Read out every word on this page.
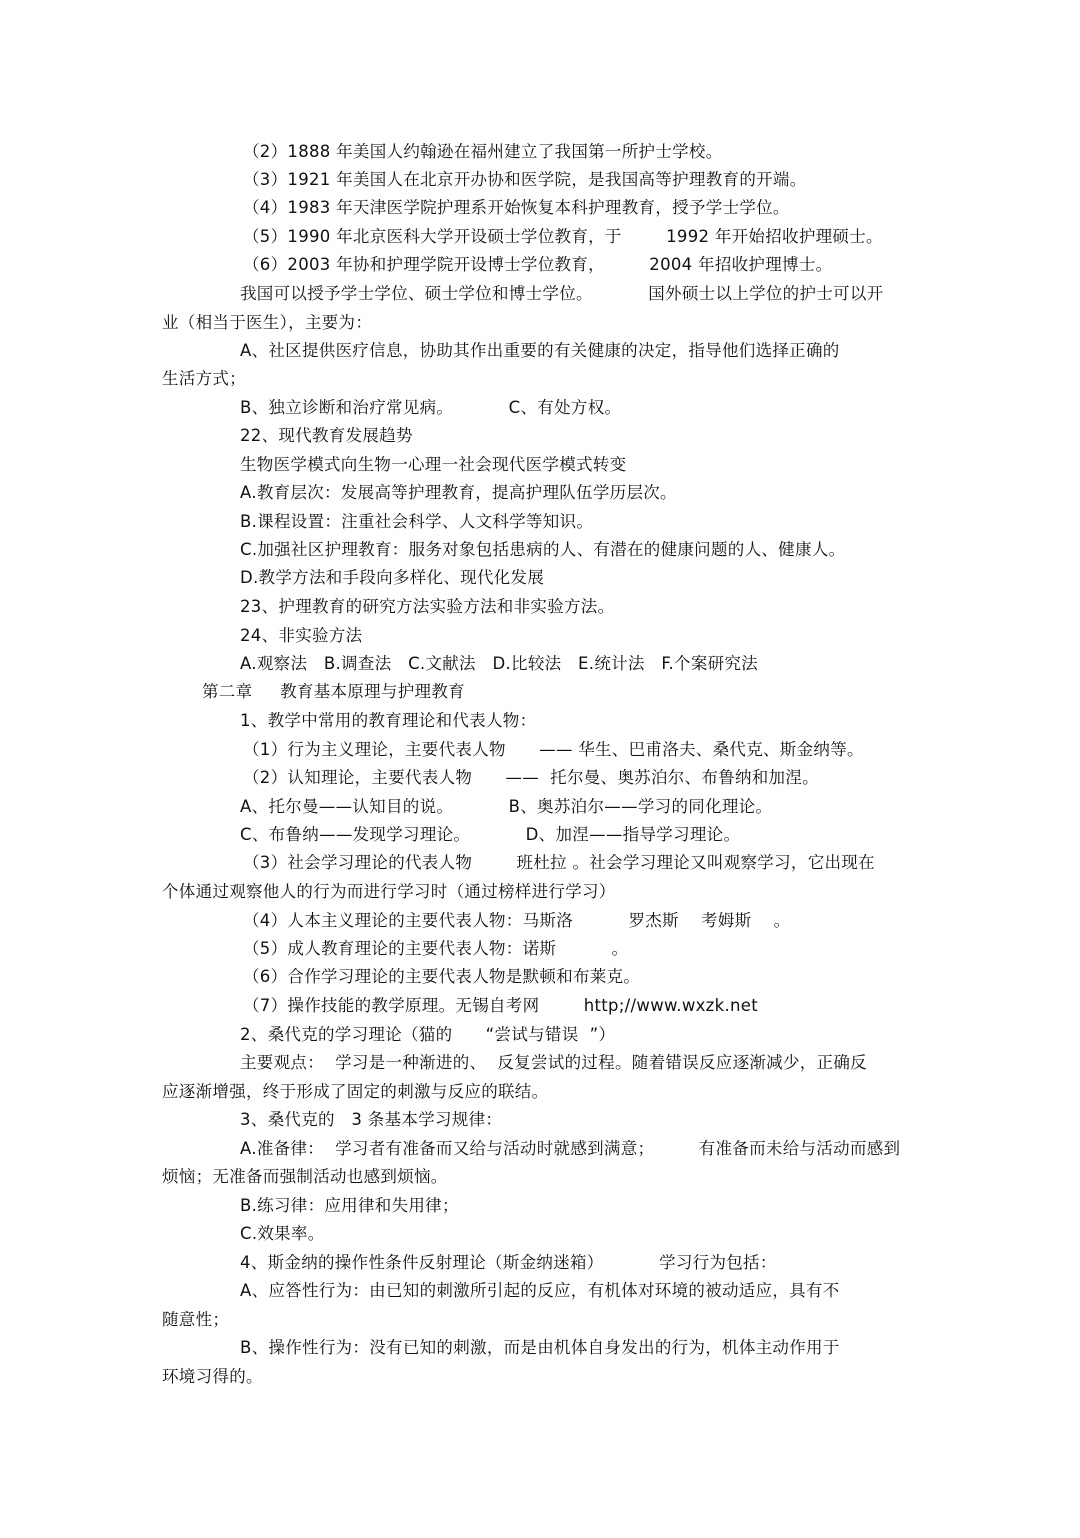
（2）1888 年美国人约翰逊在福州建立了我国第一所护士学校。
（3）1921 年美国人在北京开办协和医学院，是我国高等护理教育的开端。
（4）1983 年天津医学院护理系开始恢复本科护理教育，授予学士学位。
（5）1990 年北京医科大学开设硕士学位教育，于        1992 年开始招收护理硕士。
（6）2003 年协和护理学院开设博士学位教育，        2004 年招收护理博士。
我国可以授予学士学位、硕士学位和博士学位。          国外硕士以上学位的护士可以开
业（相当于医生），主要为：
A、社区提供医疗信息，协助其作出重要的有关健康的决定，指导他们选择正确的
生活方式；
B、独立诊断和治疗常见病。          C、有处方权。
22、现代教育发展趋势
生物医学模式向生物一心理一社会现代医学模式转变
A.教育层次：发展高等护理教育，提高护理队伍学历层次。
B.课程设置：注重社会科学、人文科学等知识。
C.加强社区护理教育：服务对象包括患病的人、有潜在的健康问题的人、健康人。
D.教学方法和手段向多样化、现代化发展
23、护理教育的研究方法实验方法和非实验方法。
24、非实验方法
A.观察法   B.调查法   C.文献法   D.比较法   E.统计法   F.个案研究法
第二章     教育基本原理与护理教育
1、教学中常用的教育理论和代表人物：
（1）行为主义理论，主要代表人物      —— 华生、巴甫洛夫、桑代克、斯金纳等。
（2）认知理论，主要代表人物      ——  托尔曼、奥苏泊尔、布鲁纳和加涅。
A、托尔曼——认知目的说。          B、奥苏泊尔——学习的同化理论。
C、布鲁纳——发现学习理论。          D、加涅——指导学习理论。
（3）社会学习理论的代表人物        班杜拉 。社会学习理论又叫观察学习，它出现在
个体通过观察他人的行为而进行学习时（通过榜样进行学习）
（4）人本主义理论的主要代表人物：马斯洛          罗杰斯    考姆斯    。
（5）成人教育理论的主要代表人物：诺斯          。
（6）合作学习理论的主要代表人物是默顿和布莱克。
（7）操作技能的教学原理。无锡自考网        http;//www.wxzk.net
2、桑代克的学习理论（猫的      “尝试与错误  ”）
主要观点：  学习是一种渐进的、  反复尝试的过程。随着错误反应逐渐减少，正确反
应逐渐增强，终于形成了固定的刺激与反应的联结。
3、桑代克的   3 条基本学习规律：
A.准备律：  学习者有准备而又给与活动时就感到满意；        有准备而未给与活动而感到
烦恼；无准备而强制活动也感到烦恼。
B.练习律：应用律和失用律；
C.效果率。
4、斯金纳的操作性条件反射理论（斯金纳迷箱）          学习行为包括：
A、应答性行为：由已知的刺激所引起的反应，有机体对环境的被动适应，具有不
随意性；
B、操作性行为：没有已知的刺激，而是由机体自身发出的行为，机体主动作用于
环境习得的。
